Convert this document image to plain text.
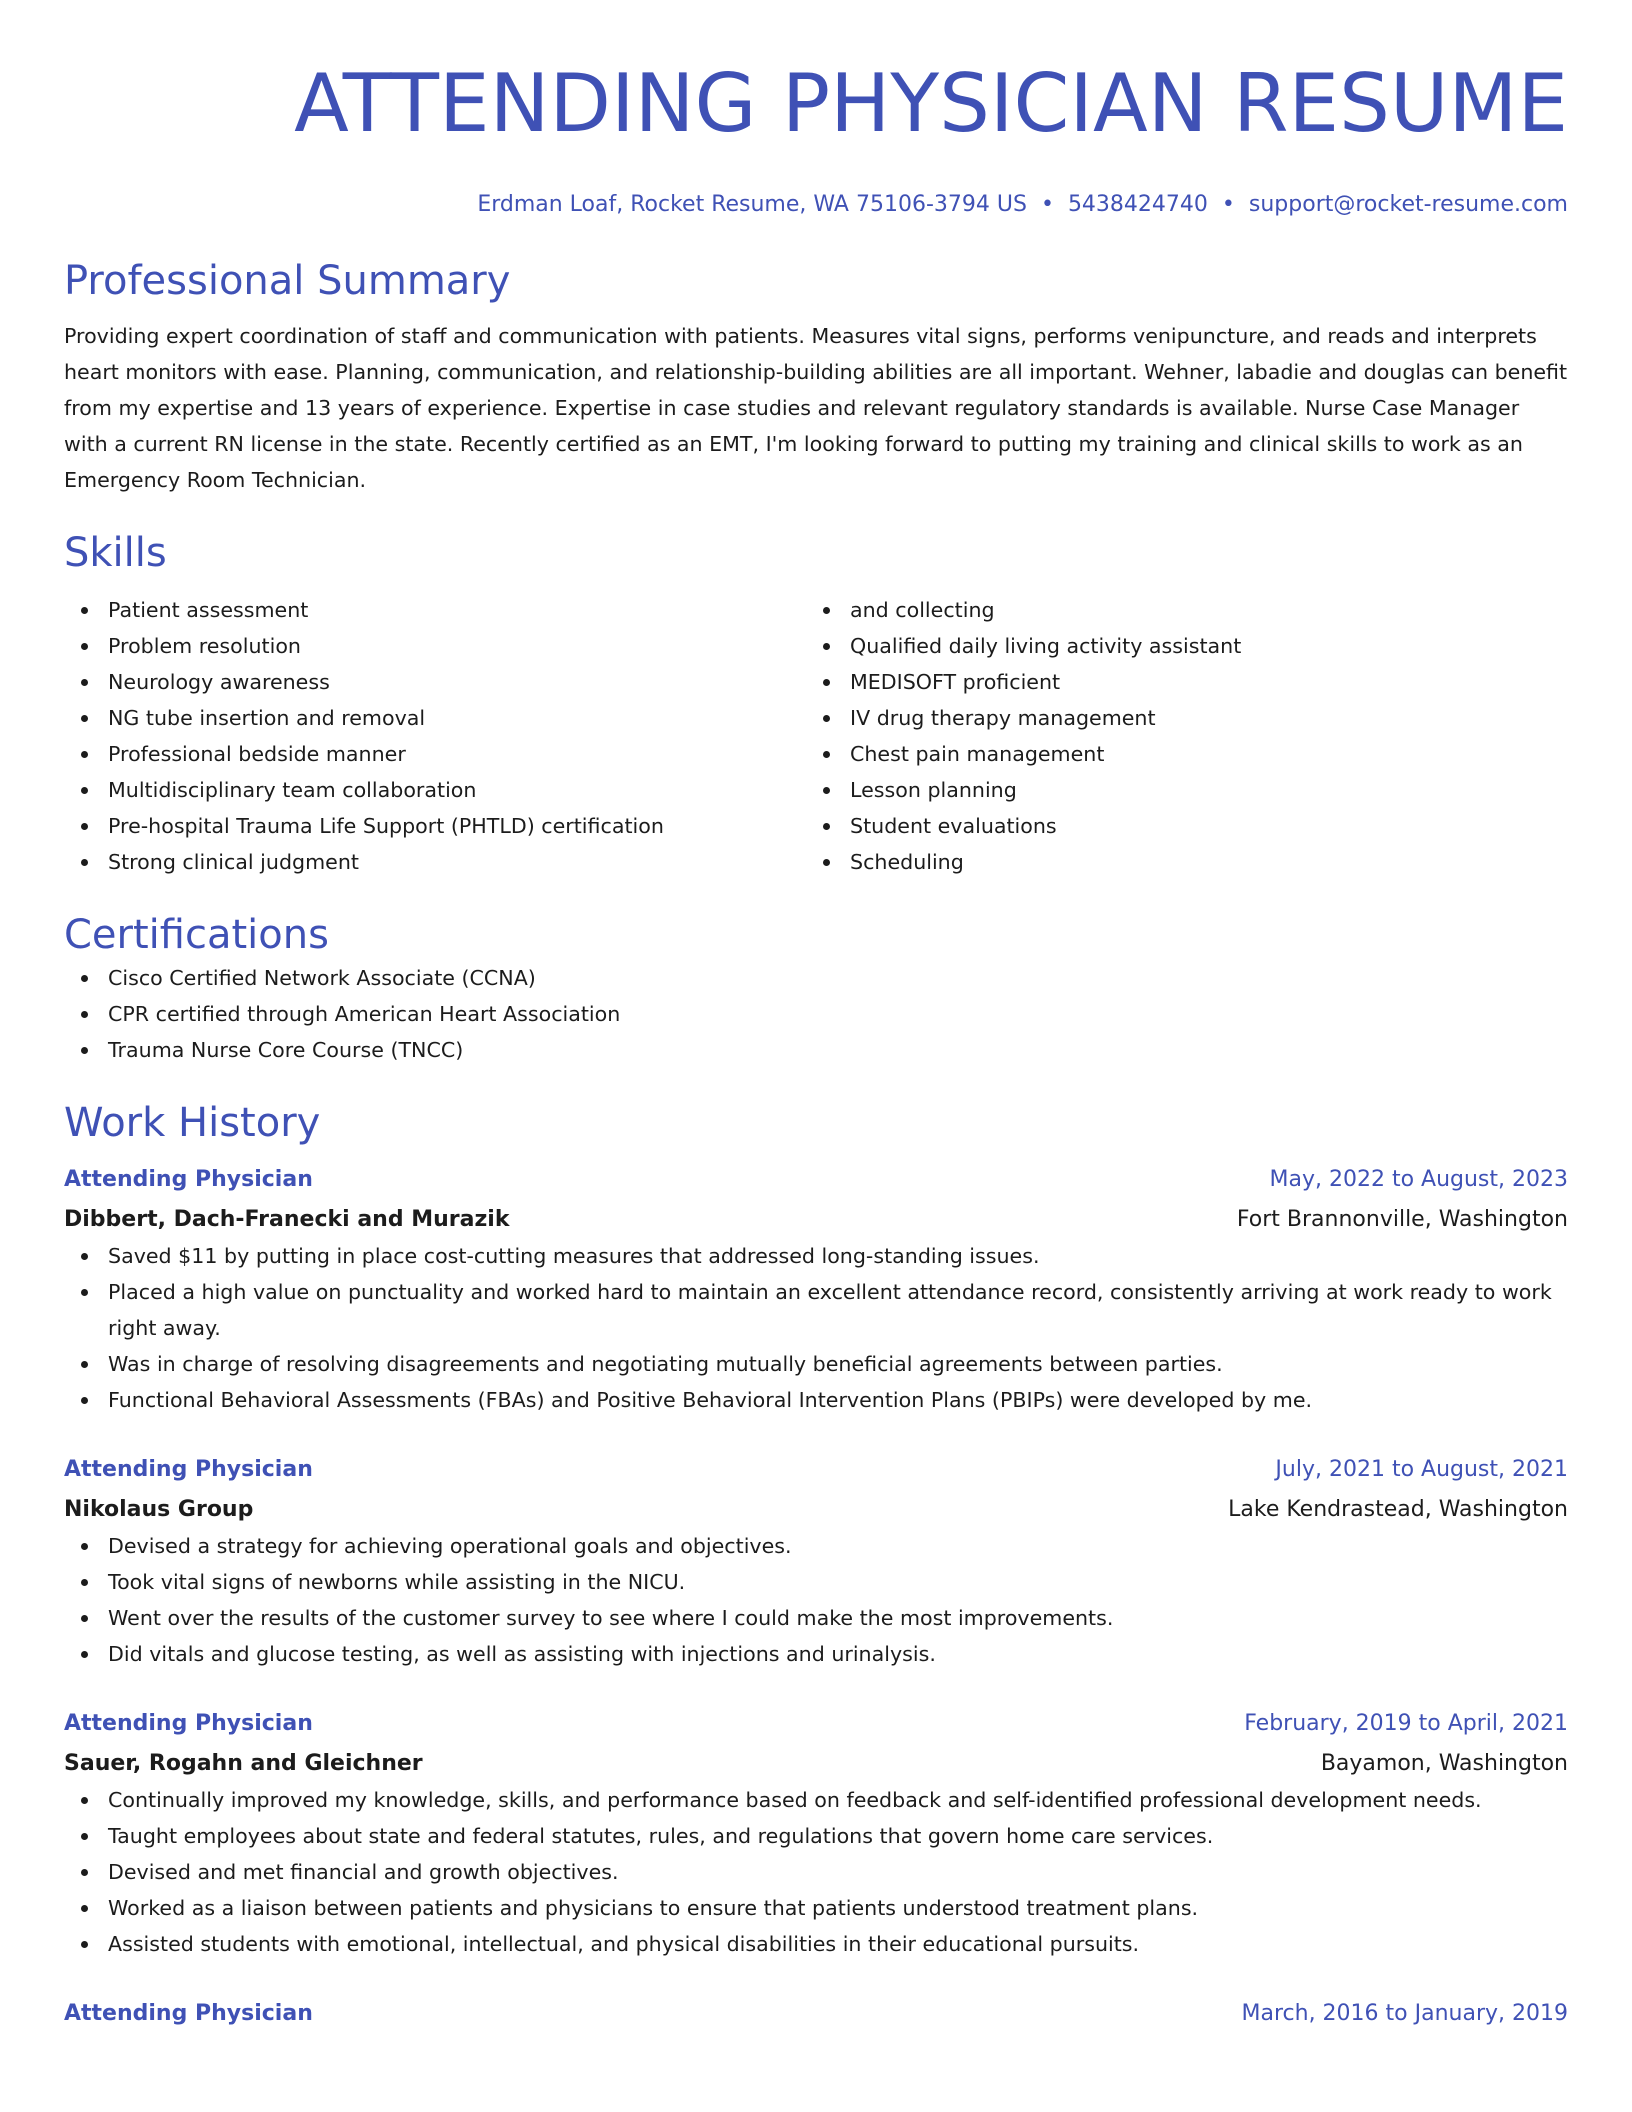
ATTENDING PHYSICIAN RESUME
Erdman Loaf, Rocket Resume, WA 75106-3794 US • 5438424740 • support@rocket-resume.com
Professional Summary
Providing expert coordination of staff and communication with patients. Measures vital signs, performs venipuncture, and reads and interprets heart monitors with ease. Planning, communication, and relationship-building abilities are all important. Wehner, labadie and douglas can benefit from my expertise and 13 years of experience. Expertise in case studies and relevant regulatory standards is available. Nurse Case Manager with a current RN license in the state. Recently certified as an EMT, I'm looking forward to putting my training and clinical skills to work as an Emergency Room Technician.
Skills
Patient assessment
Problem resolution
Neurology awareness
NG tube insertion and removal
Professional bedside manner
Multidisciplinary team collaboration
Pre-hospital Trauma Life Support (PHTLD) certification
Strong clinical judgment
and collecting
Qualified daily living activity assistant
MEDISOFT proficient
IV drug therapy management
Chest pain management
Lesson planning
Student evaluations
Scheduling
Certifications
Cisco Certified Network Associate (CCNA)
CPR certified through American Heart Association
Trauma Nurse Core Course (TNCC)
Work History
Attending Physician	May, 2022 to August, 2023
Dibbert, Dach-Franecki and Murazik	Fort Brannonville, Washington
Saved $11 by putting in place cost-cutting measures that addressed long-standing issues.
Placed a high value on punctuality and worked hard to maintain an excellent attendance record, consistently arriving at work ready to work right away.
Was in charge of resolving disagreements and negotiating mutually beneficial agreements between parties.
Functional Behavioral Assessments (FBAs) and Positive Behavioral Intervention Plans (PBIPs) were developed by me.
Attending Physician	July, 2021 to August, 2021
Nikolaus Group	Lake Kendrastead, Washington
Devised a strategy for achieving operational goals and objectives.
Took vital signs of newborns while assisting in the NICU.
Went over the results of the customer survey to see where I could make the most improvements.
Did vitals and glucose testing, as well as assisting with injections and urinalysis.
Attending Physician	February, 2019 to April, 2021
Sauer, Rogahn and Gleichner	Bayamon, Washington
Continually improved my knowledge, skills, and performance based on feedback and self-identified professional development needs.
Taught employees about state and federal statutes, rules, and regulations that govern home care services.
Devised and met financial and growth objectives.
Worked as a liaison between patients and physicians to ensure that patients understood treatment plans.
Assisted students with emotional, intellectual, and physical disabilities in their educational pursuits.
Attending Physician	March, 2016 to January, 2019
